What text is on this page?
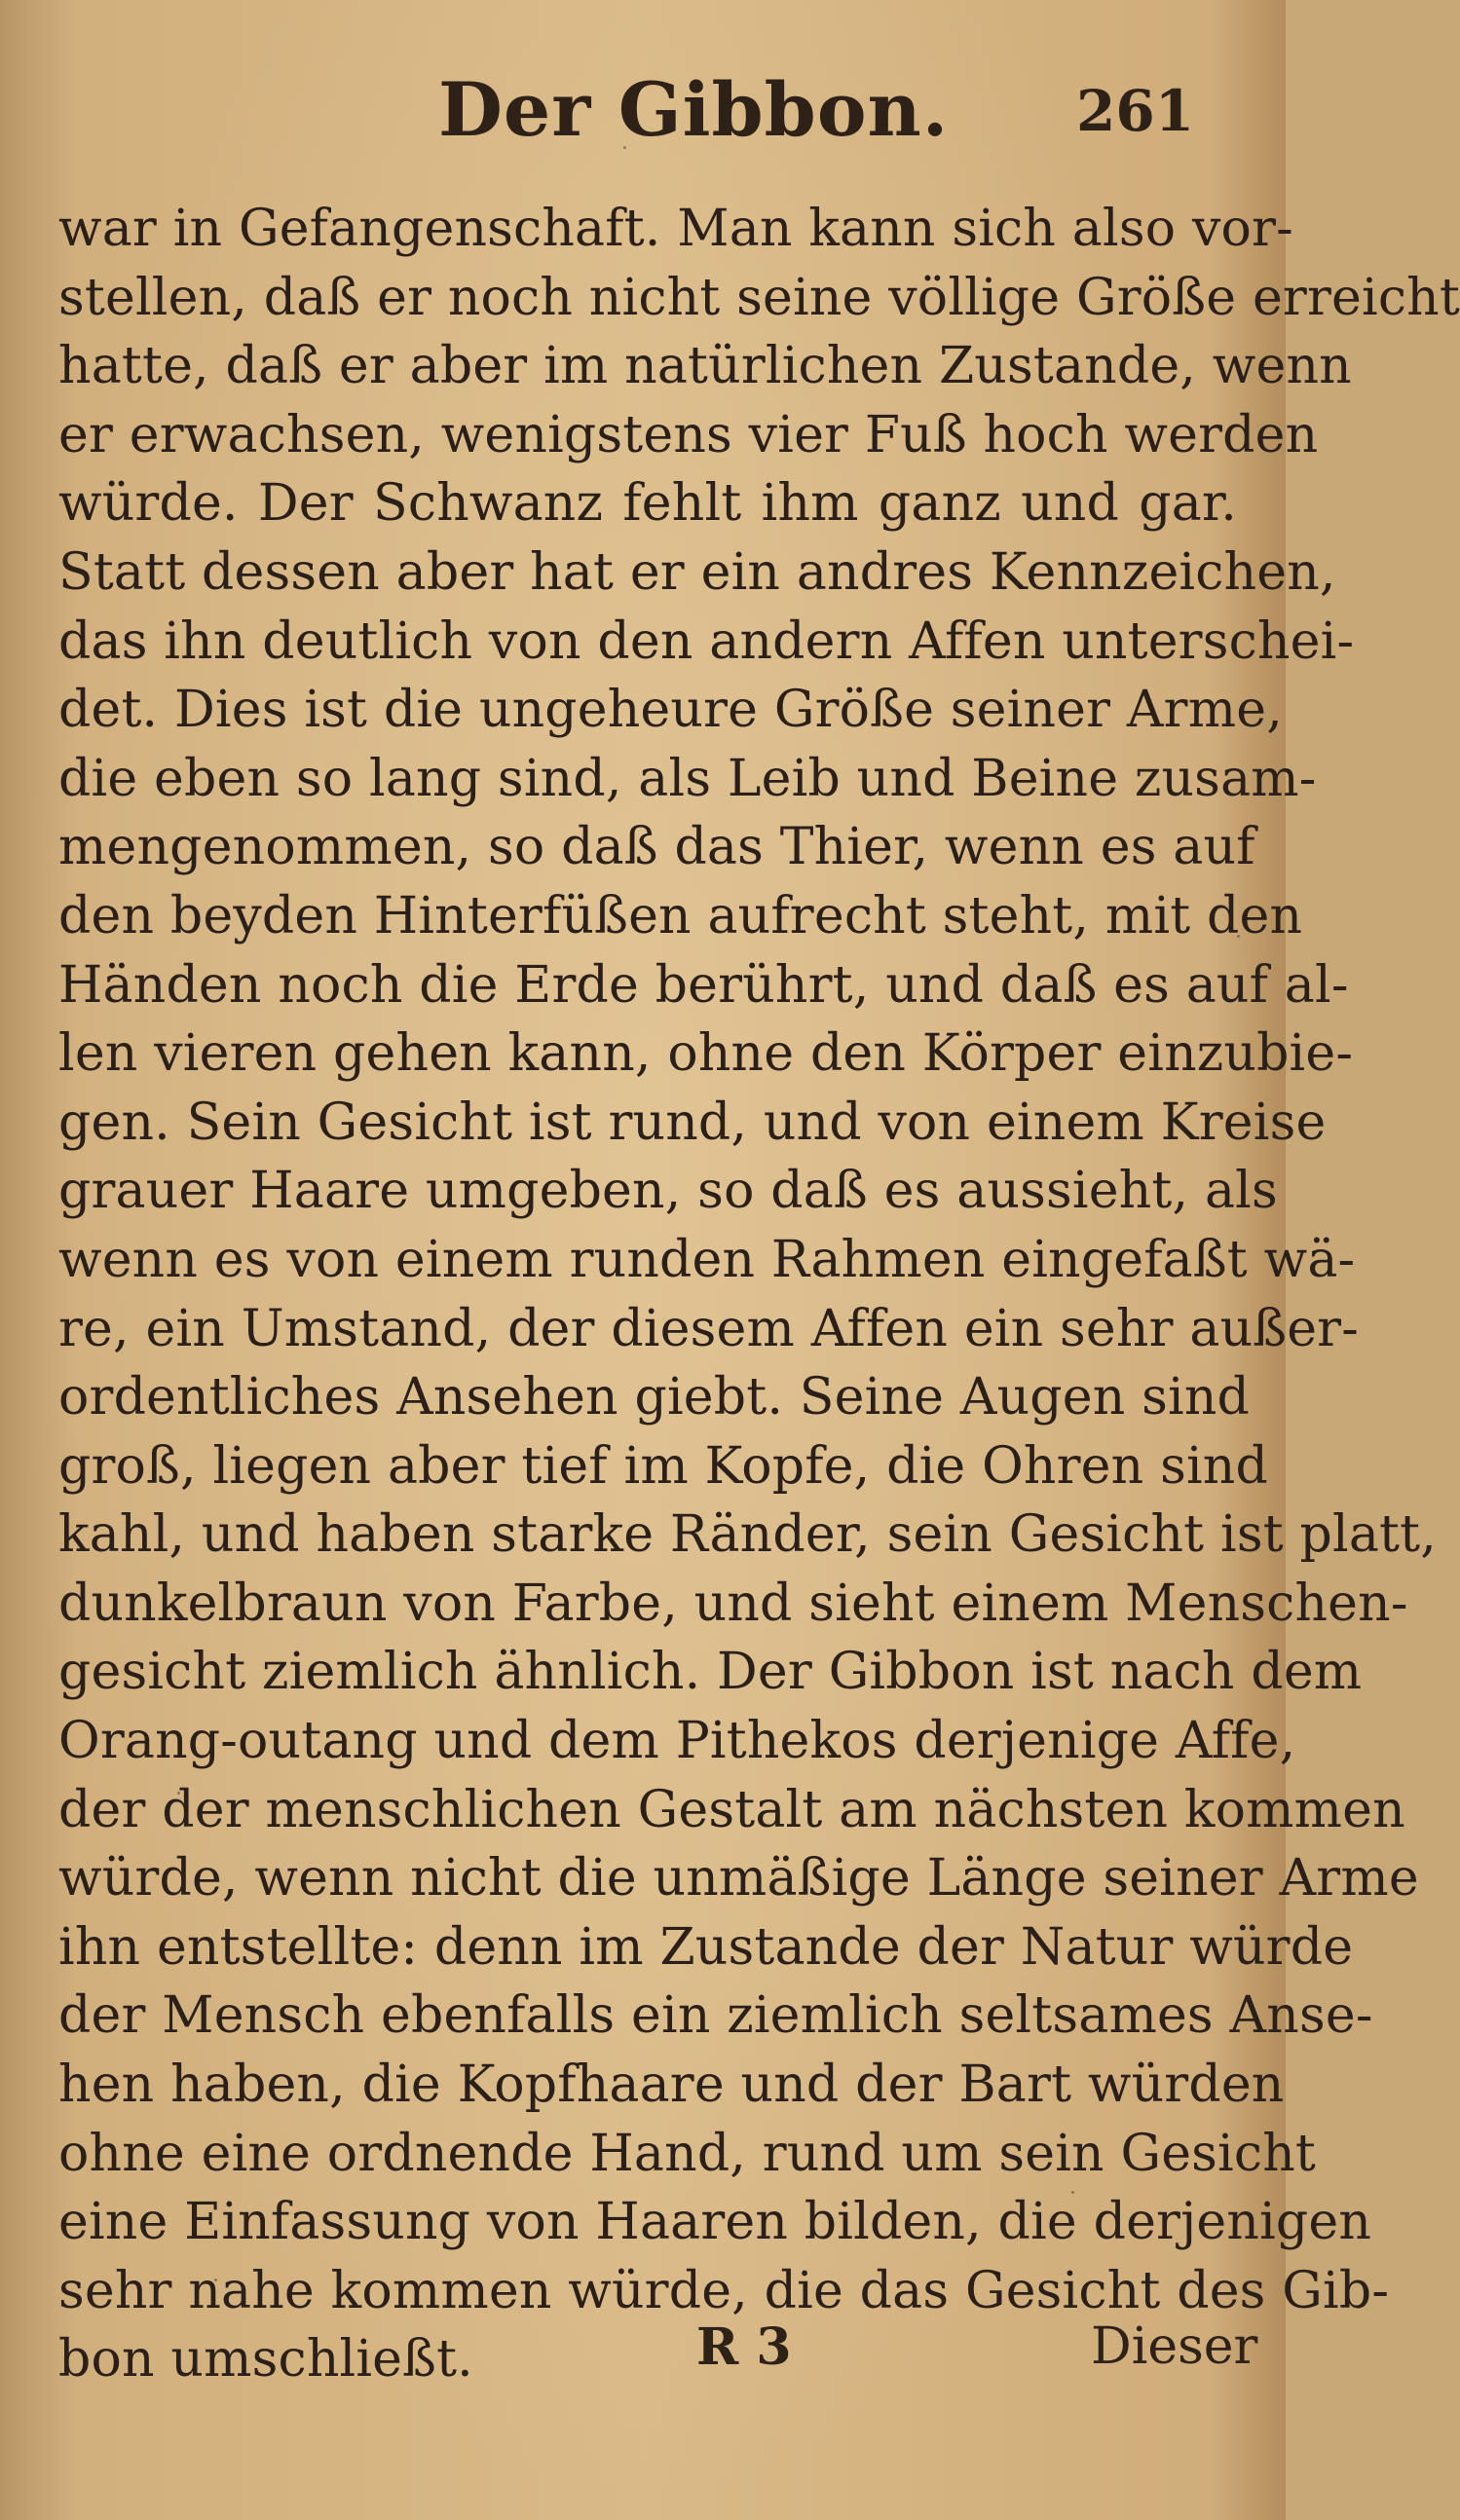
Der Gibbon. 261
war in Gefangenschaft. Man kann sich also vor-
stellen, daß er noch nicht seine völlige Größe erreicht
hatte, daß er aber im natürlichen Zustande, wenn
er erwachsen, wenigstens vier Fuß hoch werden
würde. Der Schwanz fehlt ihm ganz und gar.
Statt dessen aber hat er ein andres Kennzeichen,
das ihn deutlich von den andern Affen unterschei-
det. Dies ist die ungeheure Größe seiner Arme,
die eben so lang sind, als Leib und Beine zusam-
mengenommen, so daß das Thier, wenn es auf
den beyden Hinterfüßen aufrecht steht, mit den
Händen noch die Erde berührt, und daß es auf al-
len vieren gehen kann, ohne den Körper einzubie-
gen. Sein Gesicht ist rund, und von einem Kreise
grauer Haare umgeben, so daß es aussieht, als
wenn es von einem runden Rahmen eingefaßt wä-
re, ein Umstand, der diesem Affen ein sehr außer-
ordentliches Ansehen giebt. Seine Augen sind
groß, liegen aber tief im Kopfe, die Ohren sind
kahl, und haben starke Ränder, sein Gesicht ist platt,
dunkelbraun von Farbe, und sieht einem Menschen-
gesicht ziemlich ähnlich. Der Gibbon ist nach dem
Orang-outang und dem Pithekos derjenige Affe,
der der menschlichen Gestalt am nächsten kommen
würde, wenn nicht die unmäßige Länge seiner Arme
ihn entstellte: denn im Zustande der Natur würde
der Mensch ebenfalls ein ziemlich seltsames Anse-
hen haben, die Kopfhaare und der Bart würden
ohne eine ordnende Hand, rund um sein Gesicht
eine Einfassung von Haaren bilden, die derjenigen
sehr nahe kommen würde, die das Gesicht des Gib-
bon umschließt.	R 3	Dieser
